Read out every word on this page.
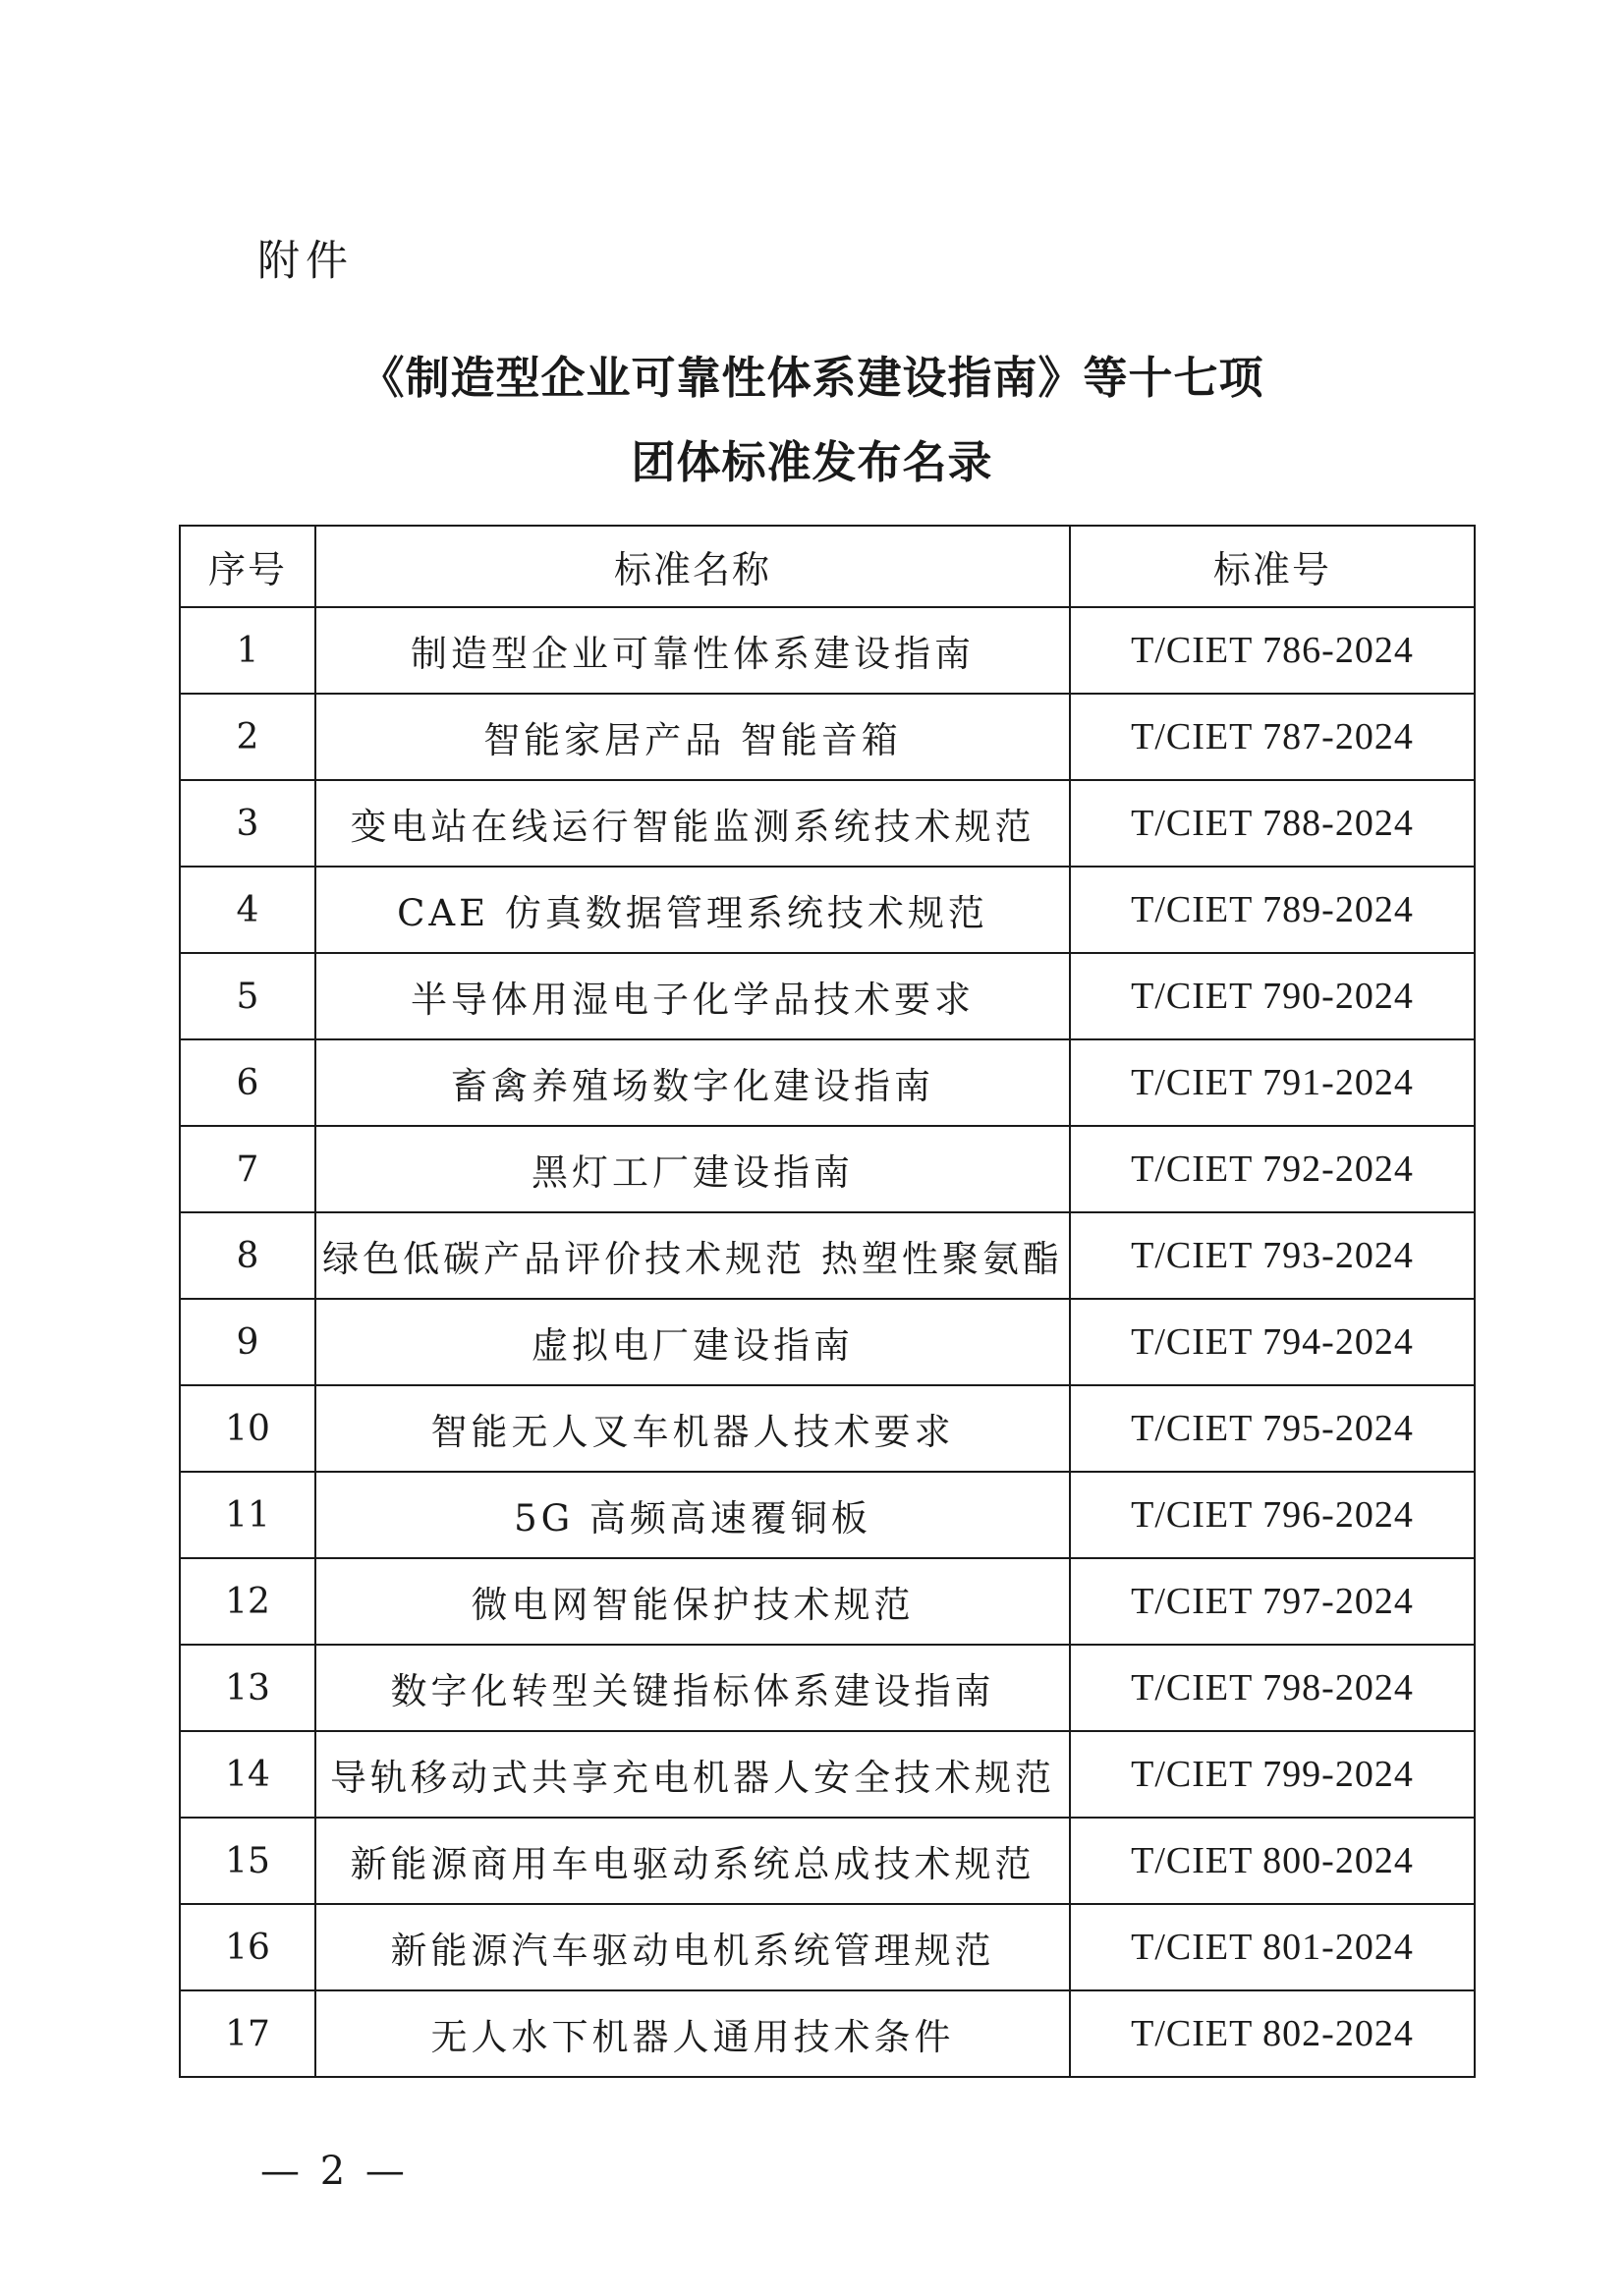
附件
《制造型企业可靠性体系建设指南》等十七项
团体标准发布名录
序号	标准名称	标准号
1	制造型企业可靠性体系建设指南	T/CIET 786-2024
2	智能家居产品 智能音箱	T/CIET 787-2024
3	变电站在线运行智能监测系统技术规范	T/CIET 788-2024
4	CAE 仿真数据管理系统技术规范	T/CIET 789-2024
5	半导体用湿电子化学品技术要求	T/CIET 790-2024
6	畜禽养殖场数字化建设指南	T/CIET 791-2024
7	黑灯工厂建设指南	T/CIET 792-2024
8	绿色低碳产品评价技术规范 热塑性聚氨酯	T/CIET 793-2024
9	虚拟电厂建设指南	T/CIET 794-2024
10	智能无人叉车机器人技术要求	T/CIET 795-2024
11	5G 高频高速覆铜板	T/CIET 796-2024
12	微电网智能保护技术规范	T/CIET 797-2024
13	数字化转型关键指标体系建设指南	T/CIET 798-2024
14	导轨移动式共享充电机器人安全技术规范	T/CIET 799-2024
15	新能源商用车电驱动系统总成技术规范	T/CIET 800-2024
16	新能源汽车驱动电机系统管理规范	T/CIET 801-2024
17	无人水下机器人通用技术条件	T/CIET 802-2024
— 2 —
